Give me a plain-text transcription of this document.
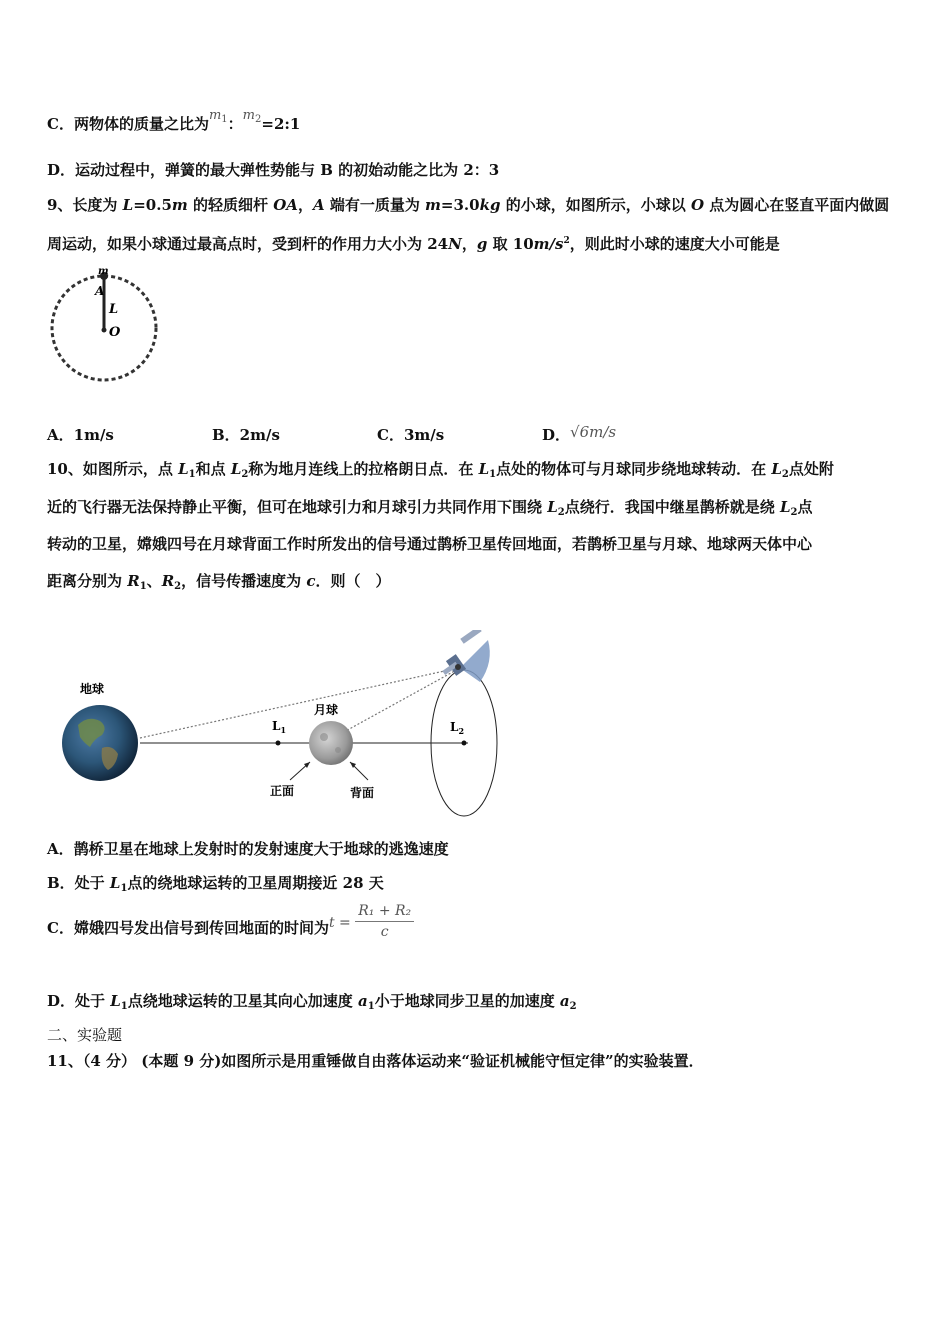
C．两物体的质量之比为$m_1$：$m_2=2:1$
D．运动过程中，弹簧的最大弹性势能与 B 的初始动能之比为 2：3
9、长度为 L=0.5m 的轻质细杆 OA，A 端有一质量为 m=3.0kg 的小球，如图所示，小球以 O 点为圆心在竖直平面内做圆
周运动，如果小球通过最高点时，受到杆的作用力大小为 24N，g 取 $10m/s^2$，则此时小球的速度大小可能是
m
A
L
O
A．1m/s	B．2m/s	C．3m/s	D．√6m/s
10、如图所示，点 $L_1$和点 $L_2$称为地月连线上的拉格朗日点．在 $L_1$点处的物体可与月球同步绕地球转动．在 $L_2$点处附
近的飞行器无法保持静止平衡，但可在地球引力和月球引力共同作用下围绕 $L_2$点绕行．我国中继星鹊桥就是绕 $L_2$点
转动的卫星，嫦娥四号在月球背面工作时所发出的信号通过鹊桥卫星传回地面，若鹊桥卫星与月球、地球两天体中心
距离分别为 $R_1$、$R_2$，信号传播速度为 c．则（　）
地球
$L_1$
月球
正面	背面
$L_2$
A．鹊桥卫星在地球上发射时的发射速度大于地球的逃逸速度
B．处于 $L_1$点的绕地球运转的卫星周期接近 28 天
C．嫦娥四号发出信号到传回地面的时间为$t = \frac{\text{R₁ + R₂}}{c}$
D．处于 $L_1$点绕地球运转的卫星其向心加速度 $a_1$小于地球同步卫星的加速度 $a_2$
二、实验题
11、（4 分） (本题 9 分)如图所示是用重锤做自由落体运动来“验证机械能守恒定律”的实验装置．
